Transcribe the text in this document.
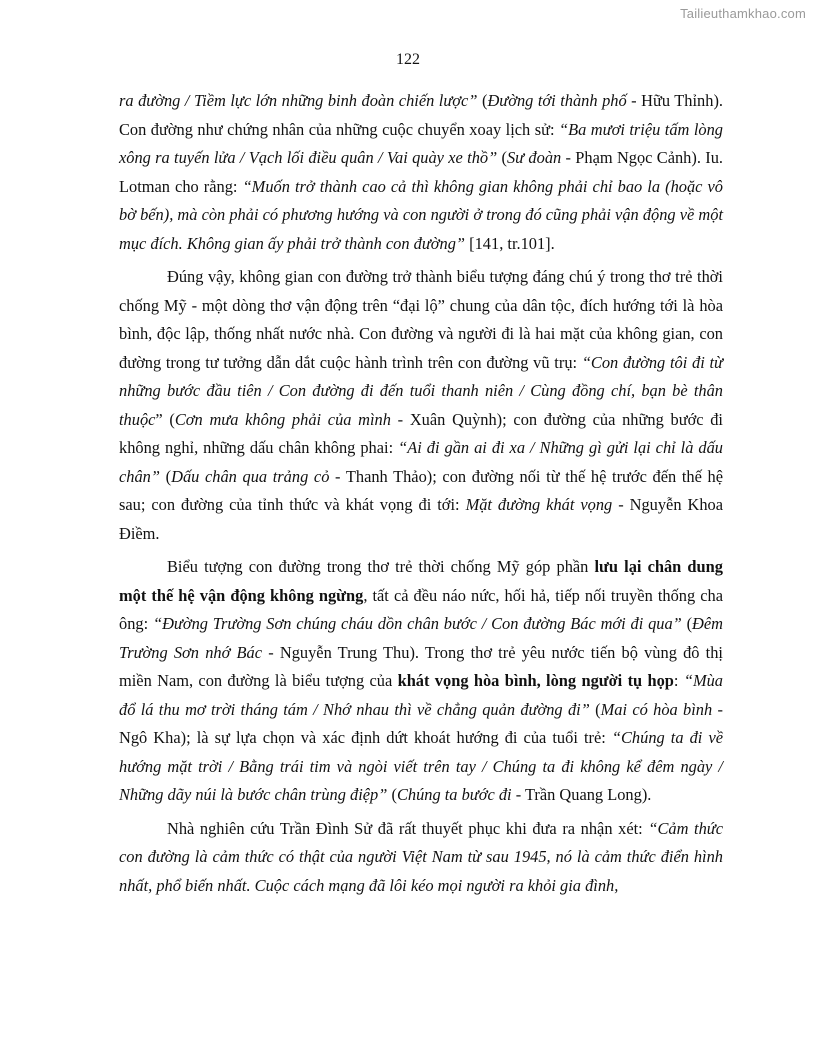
Tailieuthamkhao.com
122

ra đường / Tiềm lực lớn những binh đoàn chiến lược” (Đường tới thành phố - Hữu Thỉnh). Con đường như chứng nhân của những cuộc chuyển xoay lịch sử: “Ba mươi triệu tấm lòng xông ra tuyến lửa / Vạch lối điều quân / Vai quày xe thồ” (Sư đoàn - Phạm Ngọc Cảnh). Iu. Lotman cho rằng: “Muốn trở thành cao cả thì không gian không phải chỉ bao la (hoặc vô bờ bến), mà còn phải có phương hướng và con người ở trong đó cũng phải vận động về một mục đích. Không gian ấy phải trở thành con đường” [141, tr.101].

Đúng vậy, không gian con đường trở thành biểu tượng đáng chú ý trong thơ trẻ thời chống Mỹ - một dòng thơ vận động trên “đại lộ” chung của dân tộc, đích hướng tới là hòa bình, độc lập, thống nhất nước nhà. Con đường và người đi là hai mặt của không gian, con đường trong tư tưởng dẫn dắt cuộc hành trình trên con đường vũ trụ: “Con đường tôi đi từ những bước đầu tiên / Con đường đi đến tuổi thanh niên / Cùng đồng chí, bạn bè thân thuộc” (Cơn mưa không phải của mình - Xuân Quỳnh); con đường của những bước đi không nghỉ, những dấu chân không phai: “Ai đi gần ai đi xa / Những gì gửi lại chỉ là dấu chân” (Dấu chân qua trảng cỏ - Thanh Thảo); con đường nối từ thế hệ trước đến thế hệ sau; con đường của tỉnh thức và khát vọng đi tới: Mặt đường khát vọng - Nguyễn Khoa Điềm.

Biểu tượng con đường trong thơ trẻ thời chống Mỹ góp phần lưu lại chân dung một thế hệ vận động không ngừng, tất cả đều náo nức, hối hả, tiếp nối truyền thống cha ông: “Đường Trường Sơn chúng cháu dồn chân bước / Con đường Bác mới đi qua” (Đêm Trường Sơn nhớ Bác - Nguyễn Trung Thu). Trong thơ trẻ yêu nước tiến bộ vùng đô thị miền Nam, con đường là biểu tượng của khát vọng hòa bình, lòng người tụ họp: “Mùa đổ lá thu mơ trời tháng tám / Nhớ nhau thì về chẳng quản đường đi” (Mai có hòa bình - Ngô Kha); là sự lựa chọn và xác định dứt khoát hướng đi của tuổi trẻ: “Chúng ta đi về hướng mặt trời / Bằng trái tim và ngòi viết trên tay / Chúng ta đi không kể đêm ngày / Những dãy núi là bước chân trùng điệp” (Chúng ta bước đi - Trần Quang Long).

Nhà nghiên cứu Trần Đình Sử đã rất thuyết phục khi đưa ra nhận xét: “Cảm thức con đường là cảm thức có thật của người Việt Nam từ sau 1945, nó là cảm thức điển hình nhất, phổ biến nhất. Cuộc cách mạng đã lôi kéo mọi người ra khỏi gia đình,
